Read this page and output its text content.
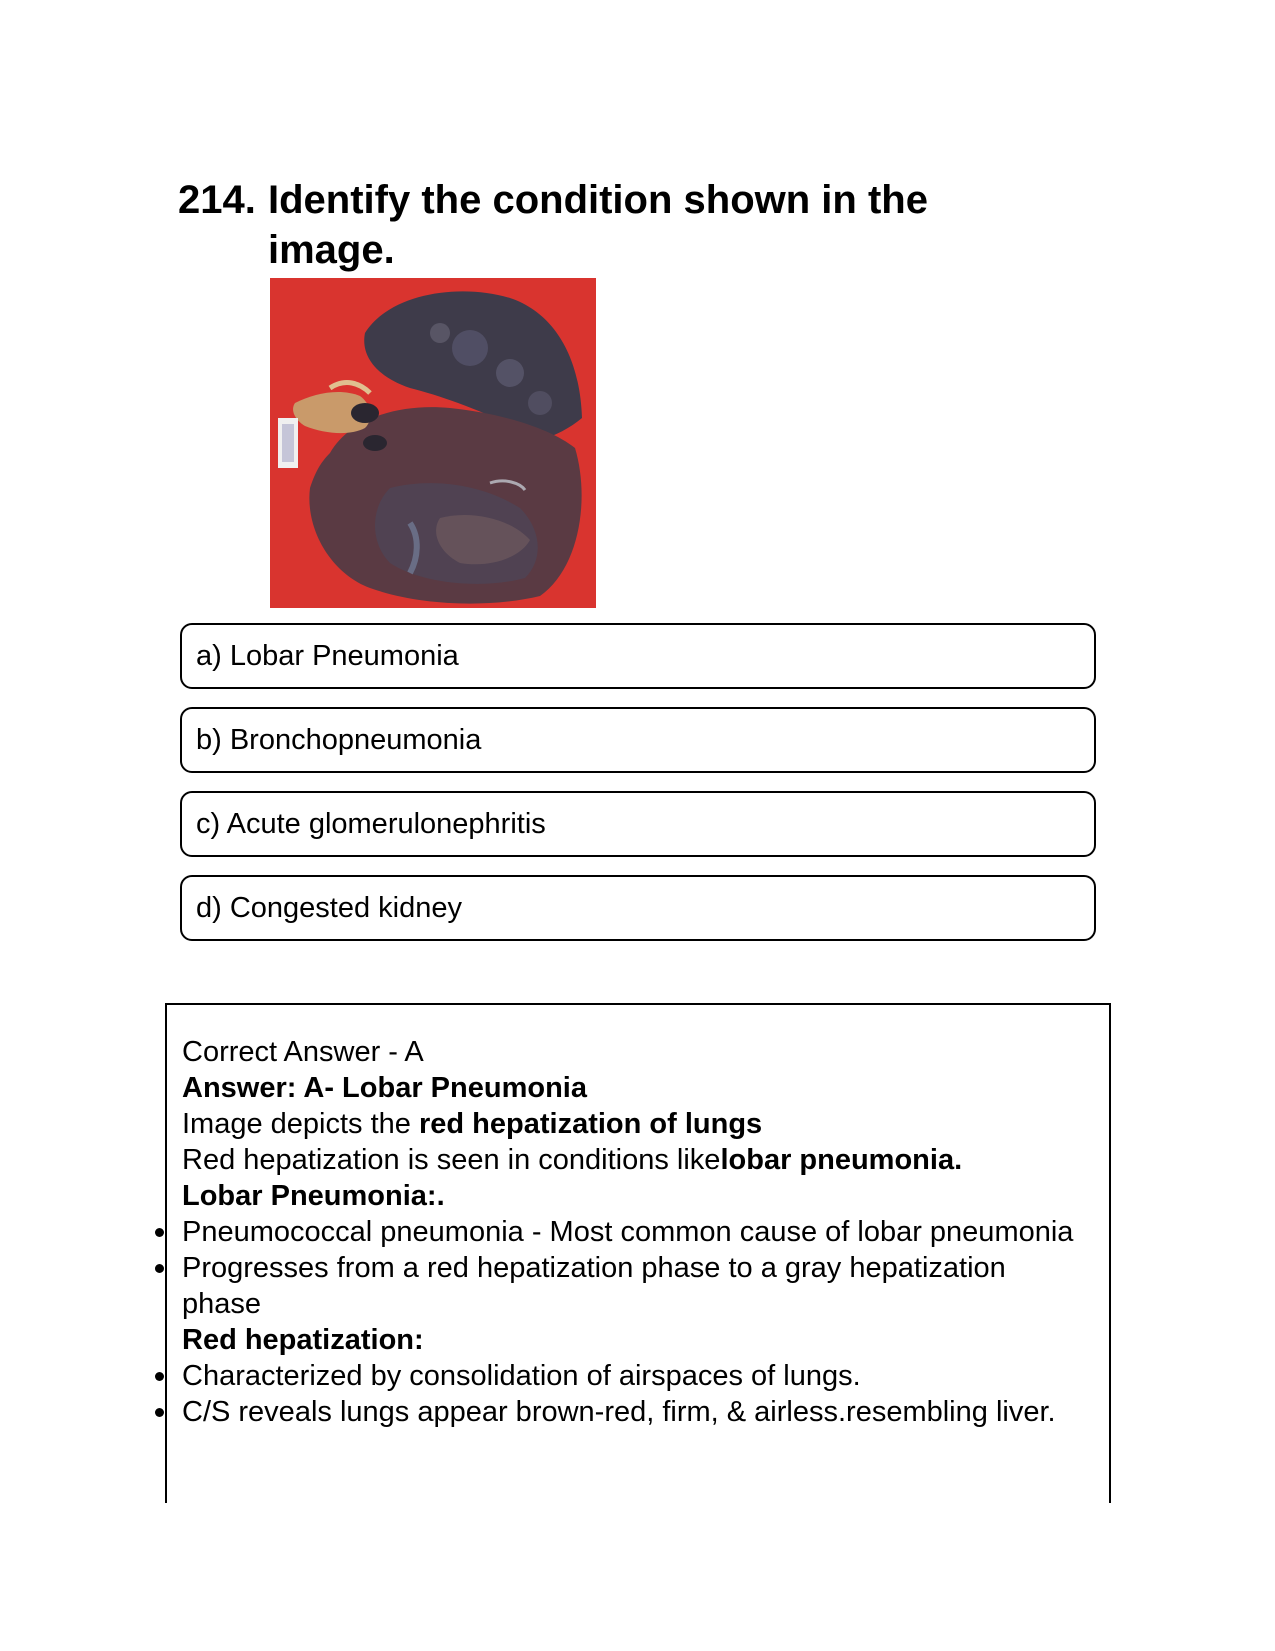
214. Identify the condition shown in the image.
a) Lobar Pneumonia
b) Bronchopneumonia
c) Acute glomerulonephritis
d) Congested kidney
Correct Answer - A
Answer: A- Lobar Pneumonia
Image depicts the red hepatization of lungs
Red hepatization is seen in conditions likelobar pneumonia.
Lobar Pneumonia:.
Pneumococcal pneumonia - Most common cause of lobar pneumonia
Progresses from a red hepatization phase to a gray hepatization phase
Red hepatization:
Characterized by consolidation of airspaces of lungs.
C/S reveals lungs appear brown-red, firm, & airless.resembling liver.
